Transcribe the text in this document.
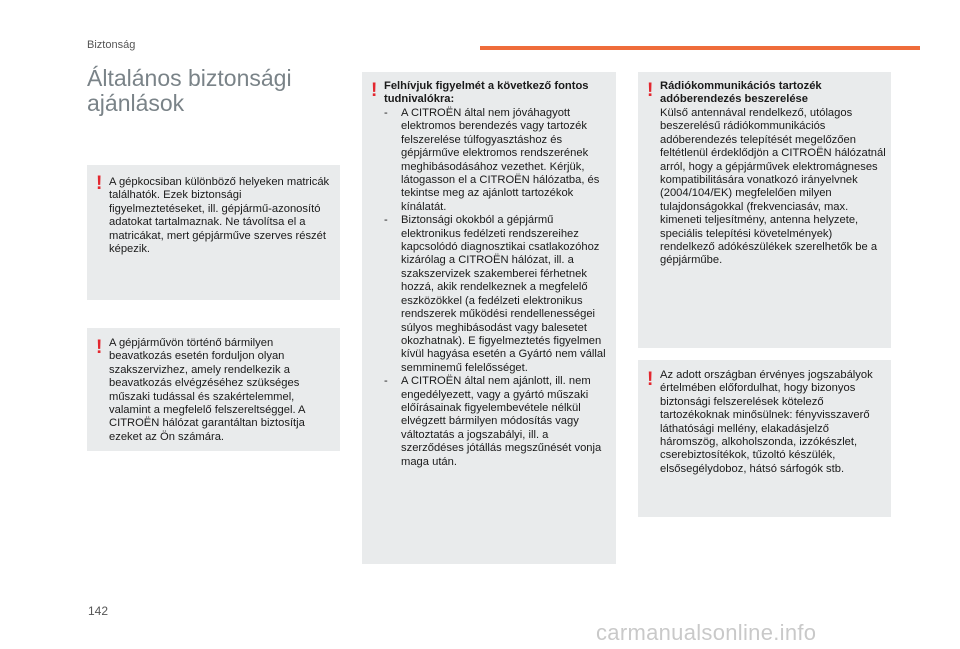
Biztonság
Általános biztonsági ajánlások
! A gépkocsiban különböző helyeken matricák találhatók. Ezek biztonsági figyelmeztetéseket, ill. gépjármű-azonosító adatokat tartalmaznak. Ne távolítsa el a matricákat, mert gépjárműve szerves részét képezik.
! A gépjárművön történő bármilyen beavatkozás esetén forduljon olyan szakszervizhez, amely rendelkezik a beavatkozás elvégzéséhez szükséges műszaki tudással és szakértelemmel, valamint a megfelelő felszereltséggel. A CITROËN hálózat garantáltan biztosítja ezeket az Ön számára.
! Felhívjuk figyelmét a következő fontos tudnivalókra:
- A CITROËN által nem jóváhagyott elektromos berendezés vagy tartozék felszerelése túlfogyasztáshoz és gépjárműve elektromos rendszerének meghibásodásához vezethet. Kérjük, látogasson el a CITROËN hálózatba, és tekintse meg az ajánlott tartozékok kínálatát.
- Biztonsági okokból a gépjármű elektronikus fedélzeti rendszereihez kapcsolódó diagnosztikai csatlakozóhoz kizárólag a CITROËN hálózat, ill. a szakszervizek szakemberei férhetnek hozzá, akik rendelkeznek a megfelelő eszközökkel (a fedélzeti elektronikus rendszerek működési rendellenességei súlyos meghibásodást vagy balesetet okozhatnak). E figyelmeztetés figyelmen kívül hagyása esetén a Gyártó nem vállal semminemű felelősséget.
- A CITROËN által nem ajánlott, ill. nem engedélyezett, vagy a gyártó műszaki előírásainak figyelembevétele nélkül elvégzett bármilyen módosítás vagy változtatás a jogszabályi, ill. a szerződéses jótállás megszűnését vonja maga után.
! Rádiókommunikációs tartozék adóberendezés beszerelése
Külső antennával rendelkező, utólagos beszerelésű rádiókommunikációs adóberendezés telepítését megelőzően feltétlenül érdeklődjön a CITROËN hálózatnál arról, hogy a gépjárművek elektromágneses kompatibilitására vonatkozó irányelvnek (2004/104/EK) megfelelően milyen tulajdonságokkal (frekvenciasáv, max. kimeneti teljesítmény, antenna helyzete, speciális telepítési követelmények) rendelkező adókészülékek szerelhetők be a gépjárműbe.
! Az adott országban érvényes jogszabályok értelmében előfordulhat, hogy bizonyos biztonsági felszerelések kötelező tartozékoknak minősülnek: fényvisszaverő láthatósági mellény, elakadásjelző háromszög, alkoholszonda, izzókészlet, cserebiztosítékok, tűzoltó készülék, elsősegélydoboz, hátsó sárfogók stb.
142
carmanualsonline.info
